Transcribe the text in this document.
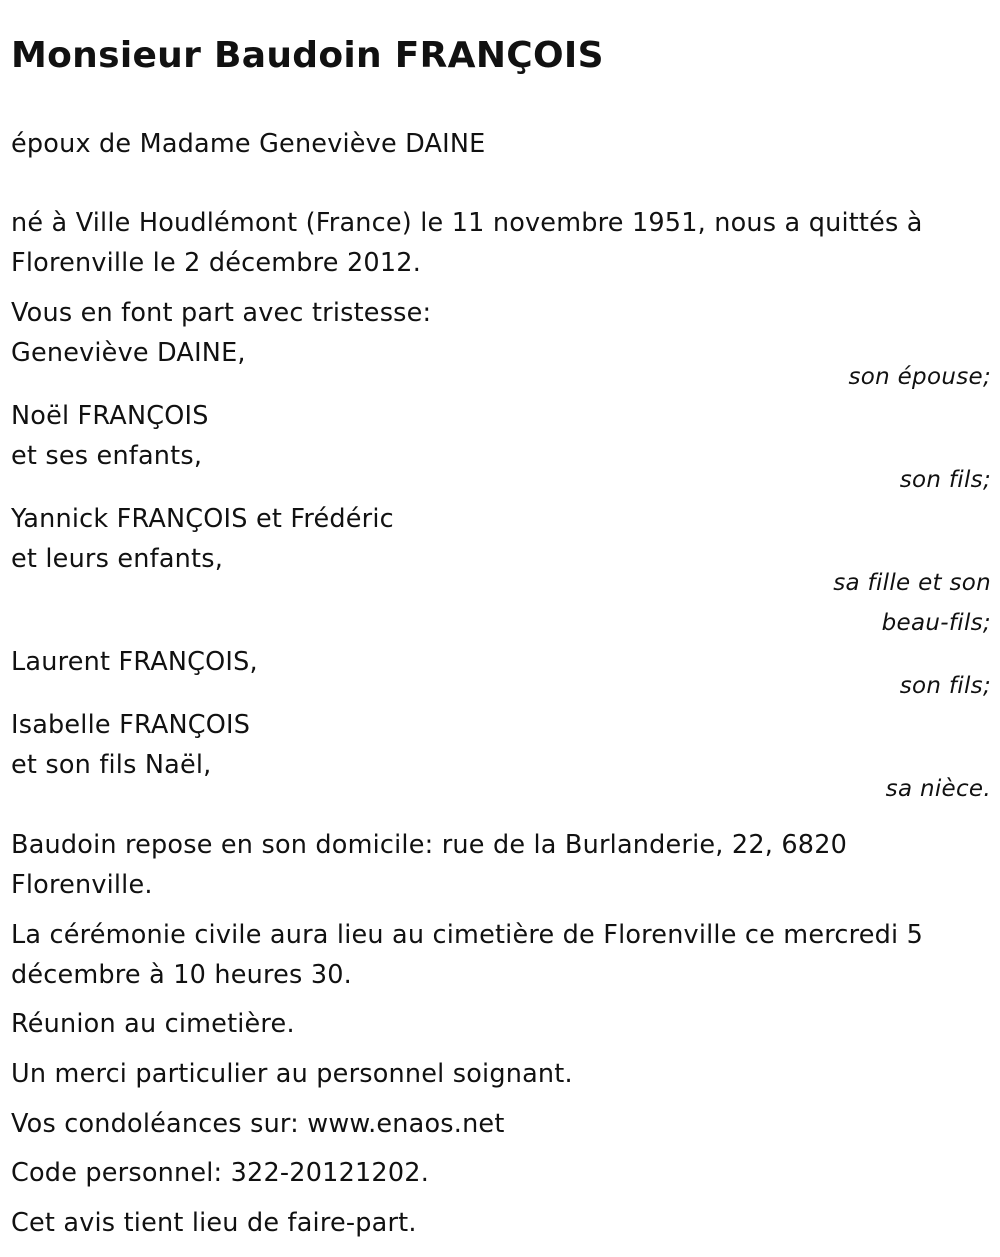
Monsieur Baudoin FRANÇOIS
époux de Madame Geneviève DAINE
né à Ville Houdlémont (France) le 11 novembre 1951, nous a quittés à
Florenville le 2 décembre 2012.
Vous en font part avec tristesse:
Geneviève DAINE,
son épouse;
Noël FRANÇOIS
et ses enfants,
son fils;
Yannick FRANÇOIS et Frédéric
et leurs enfants,
sa fille et son
beau-fils;
Laurent FRANÇOIS,
son fils;
Isabelle FRANÇOIS
et son fils Naël,
sa nièce.
Baudoin repose en son domicile: rue de la Burlanderie, 22, 6820
Florenville.
La cérémonie civile aura lieu au cimetière de Florenville ce mercredi 5
décembre à 10 heures 30.
Réunion au cimetière.
Un merci particulier au personnel soignant.
Vos condoléances sur: www.enaos.net
Code personnel: 322-20121202.
Cet avis tient lieu de faire-part.
